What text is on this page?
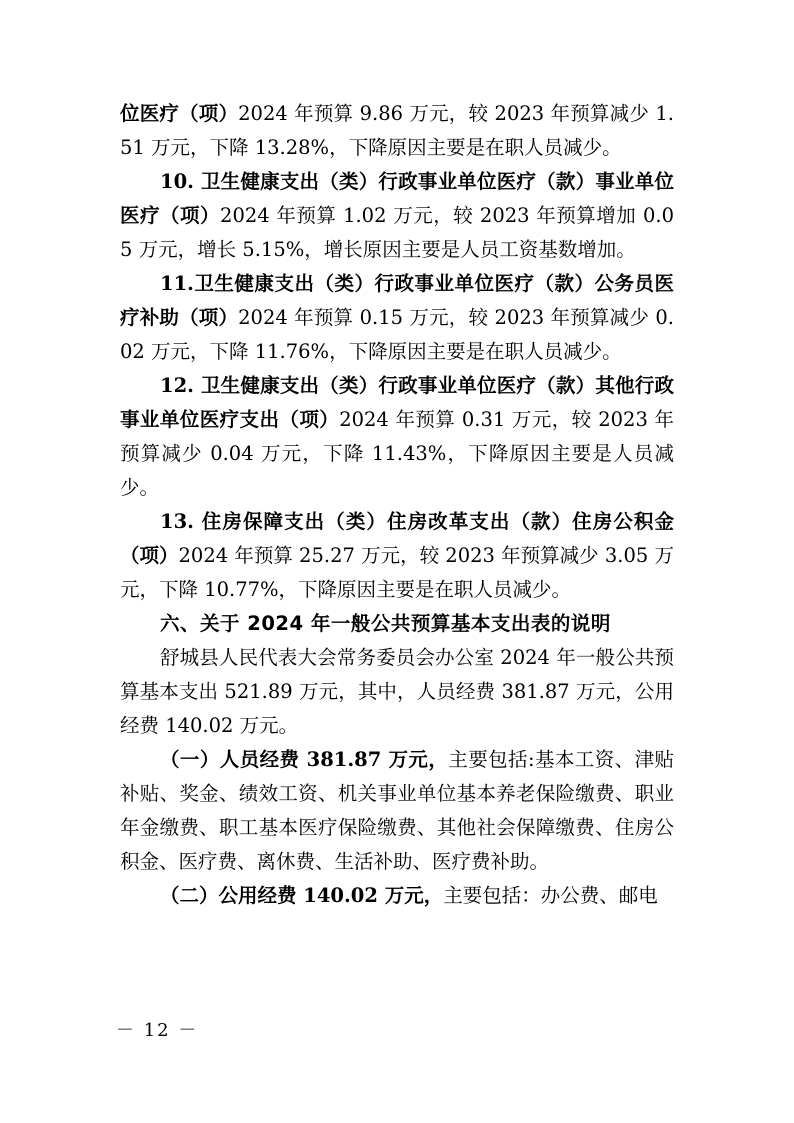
位医疗（项）2024 年预算 9.86 万元，较 2023 年预算减少 1.51 万元，下降 13.28%，下降原因主要是在职人员减少。

10. 卫生健康支出（类）行政事业单位医疗（款）事业单位医疗（项）2024 年预算 1.02 万元，较 2023 年预算增加 0.05 万元，增长 5.15%，增长原因主要是人员工资基数增加。

11.卫生健康支出（类）行政事业单位医疗（款）公务员医疗补助（项）2024 年预算 0.15 万元，较 2023 年预算减少 0.02 万元，下降 11.76%，下降原因主要是在职人员减少。

12. 卫生健康支出（类）行政事业单位医疗（款）其他行政事业单位医疗支出（项）2024 年预算 0.31 万元，较 2023 年预算减少 0.04 万元，下降 11.43%，下降原因主要是人员减少。

13. 住房保障支出（类）住房改革支出（款）住房公积金（项）2024 年预算 25.27 万元，较 2023 年预算减少 3.05 万元，下降 10.77%，下降原因主要是在职人员减少。

六、关于 2024 年一般公共预算基本支出表的说明

舒城县人民代表大会常务委员会办公室 2024 年一般公共预算基本支出 521.89 万元，其中，人员经费 381.87 万元，公用经费 140.02 万元。

（一）人员经费 381.87 万元，主要包括:基本工资、津贴补贴、奖金、绩效工资、机关事业单位基本养老保险缴费、职业年金缴费、职工基本医疗保险缴费、其他社会保障缴费、住房公积金、医疗费、离休费、生活补助、医疗费补助。

（二）公用经费 140.02 万元，主要包括：办公费、邮电

－ 12 －
